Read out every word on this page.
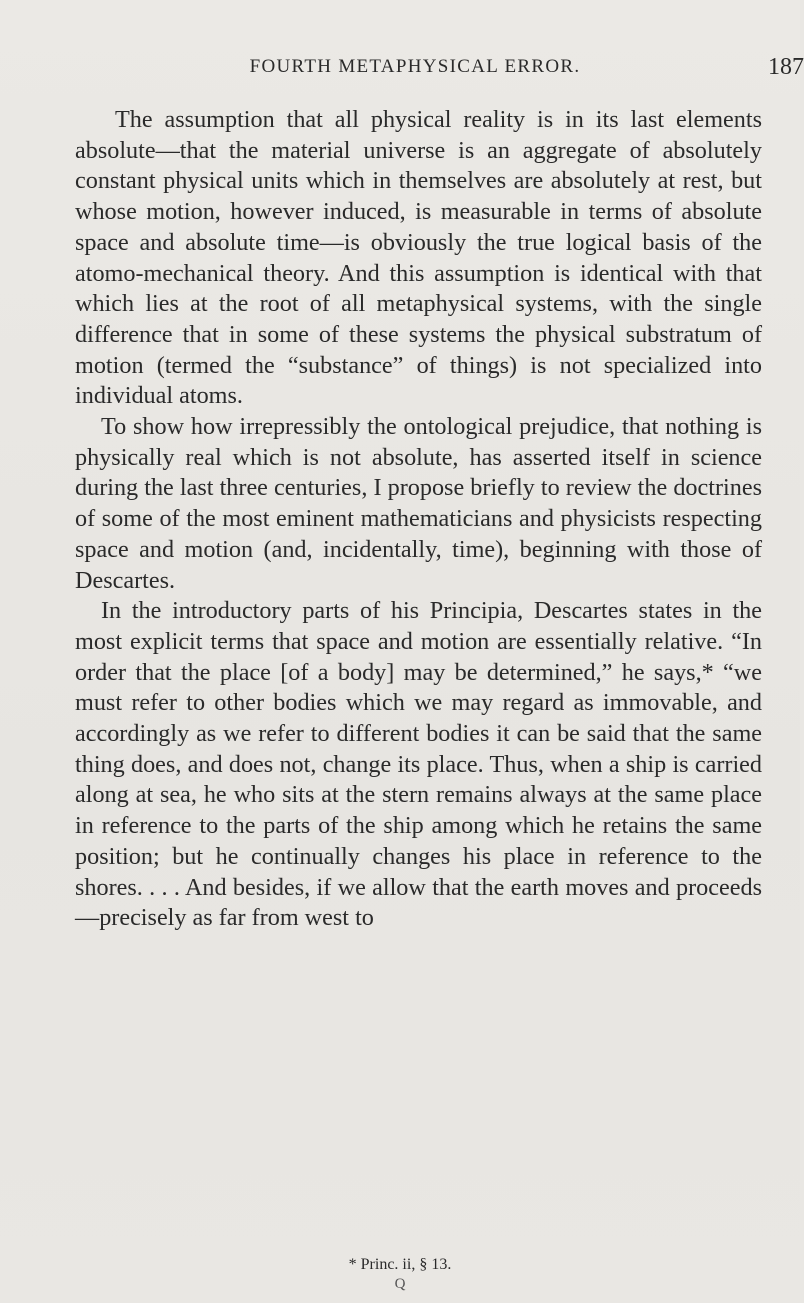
FOURTH METAPHYSICAL ERROR.	187

The assumption that all physical reality is in its last elements absolute—that the material universe is an aggregate of absolutely constant physical units which in themselves are absolutely at rest, but whose motion, however induced, is measurable in terms of absolute space and absolute time—is obviously the true logical basis of the atomo-mechanical theory. And this assumption is identical with that which lies at the root of all metaphysical systems, with the single difference that in some of these systems the physical substratum of motion (termed the “substance” of things) is not specialized into individual atoms.

To show how irrepressibly the ontological prejudice, that nothing is physically real which is not absolute, has asserted itself in science during the last three centuries, I propose briefly to review the doctrines of some of the most eminent mathematicians and physicists respecting space and motion (and, incidentally, time), beginning with those of Descartes.

In the introductory parts of his Principia, Descartes states in the most explicit terms that space and motion are essentially relative. “In order that the place [of a body] may be determined,” he says,* “we must refer to other bodies which we may regard as immovable, and accordingly as we refer to different bodies it can be said that the same thing does, and does not, change its place. Thus, when a ship is carried along at sea, he who sits at the stern remains always at the same place in reference to the parts of the ship among which he retains the same position; but he continually changes his place in reference to the shores. . . . And besides, if we allow that the earth moves and proceeds—precisely as far from west to

* Princ. ii, § 13.
Q
